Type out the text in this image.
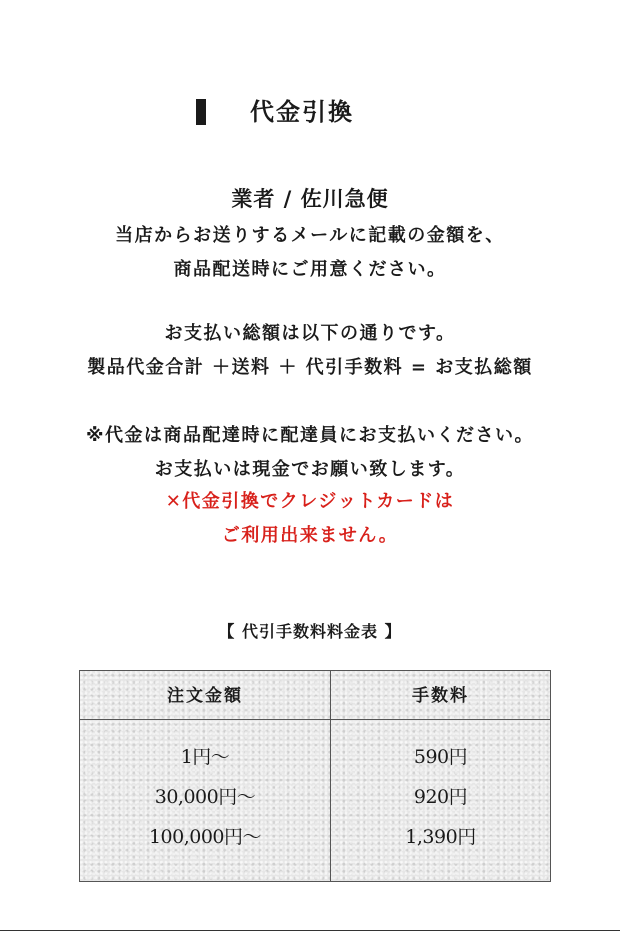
代金引換
業者 / 佐川急便
当店からお送りするメールに記載の金額を、
商品配送時にご用意ください。
お支払い総額は以下の通りです。
製品代金合計 ＋送料 ＋ 代引手数料 = お支払総額
※代金は商品配達時に配達員にお支払いください。
お支払いは現金でお願い致します。
✕代金引換でクレジットカードは
ご利用出来ません。
【 代引手数料料金表 】
注文金額	手数料
1円〜
30,000円〜
100,000円〜
590円
920円
1,390円
